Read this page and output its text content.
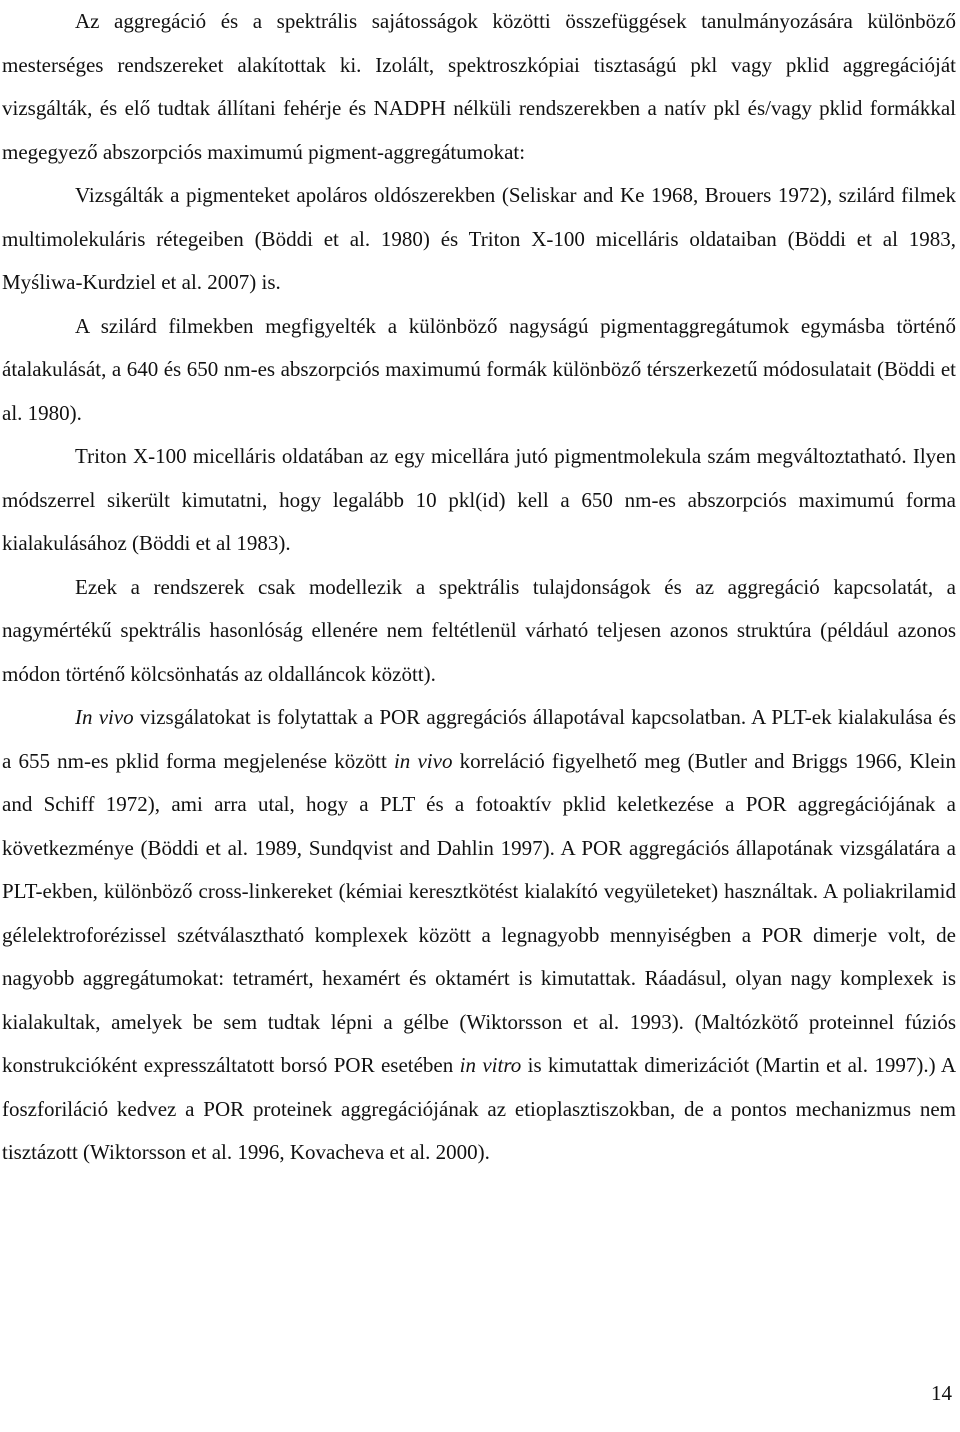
Az aggregáció és a spektrális sajátosságok közötti összefüggések tanulmányozására különböző mesterséges rendszereket alakítottak ki. Izolált, spektroszkópiai tisztaságú pkl vagy pklid aggregációját vizsgálták, és elő tudtak állítani fehérje és NADPH nélküli rendszerekben a natív pkl és/vagy pklid formákkal megegyező abszorpciós maximumú pigment-aggregátumokat:

Vizsgálták a pigmenteket apoláros oldószerekben (Seliskar and Ke 1968, Brouers 1972), szilárd filmek multimolekuláris rétegeiben (Böddi et al. 1980) és Triton X-100 micelláris oldataiban (Böddi et al 1983, Myśliwa-Kurdziel et al. 2007) is.

A szilárd filmekben megfigyelték a különböző nagyságú pigmentaggregátumok egymásba történő átalakulását, a 640 és 650 nm-es abszorpciós maximumú formák különböző térszerkezetű módosulatait (Böddi et al. 1980).

Triton X-100 micelláris oldatában az egy micellára jutó pigmentmolekula szám megváltoztatható. Ilyen módszerrel sikerült kimutatni, hogy legalább 10 pkl(id) kell a 650 nm-es abszorpciós maximumú forma kialakulásához (Böddi et al 1983).

Ezek a rendszerek csak modellezik a spektrális tulajdonságok és az aggregáció kapcsolatát, a nagymértékű spektrális hasonlóság ellenére nem feltétlenül várható teljesen azonos struktúra (például azonos módon történő kölcsönhatás az oldalláncok között).

In vivo vizsgálatokat is folytattak a POR aggregációs állapotával kapcsolatban. A PLT-ek kialakulása és a 655 nm-es pklid forma megjelenése között in vivo korreláció figyelhető meg (Butler and Briggs 1966, Klein and Schiff 1972), ami arra utal, hogy a PLT és a fotoaktív pklid keletkezése a POR aggregációjának a következménye (Böddi et al. 1989, Sundqvist and Dahlin 1997). A POR aggregációs állapotának vizsgálatára a PLT-ekben, különböző cross-linkereket (kémiai keresztkötést kialakító vegyületeket) használtak. A poliakrilamid gélelektroforézissel szétválasztható komplexek között a legnagyobb mennyiségben a POR dimerje volt, de nagyobb aggregátumokat: tetramért, hexamért és oktamért is kimutattak. Ráadásul, olyan nagy komplexek is kialakultak, amelyek be sem tudtak lépni a gélbe (Wiktorsson et al. 1993). (Maltózkötő proteinnel fúziós konstrukcióként expresszáltatott borsó POR esetében in vitro is kimutattak dimerizációt (Martin et al. 1997).) A foszforiláció kedvez a POR proteinek aggregációjának az etioplasztiszokban, de a pontos mechanizmus nem tisztázott (Wiktorsson et al. 1996, Kovacheva et al. 2000).

14
